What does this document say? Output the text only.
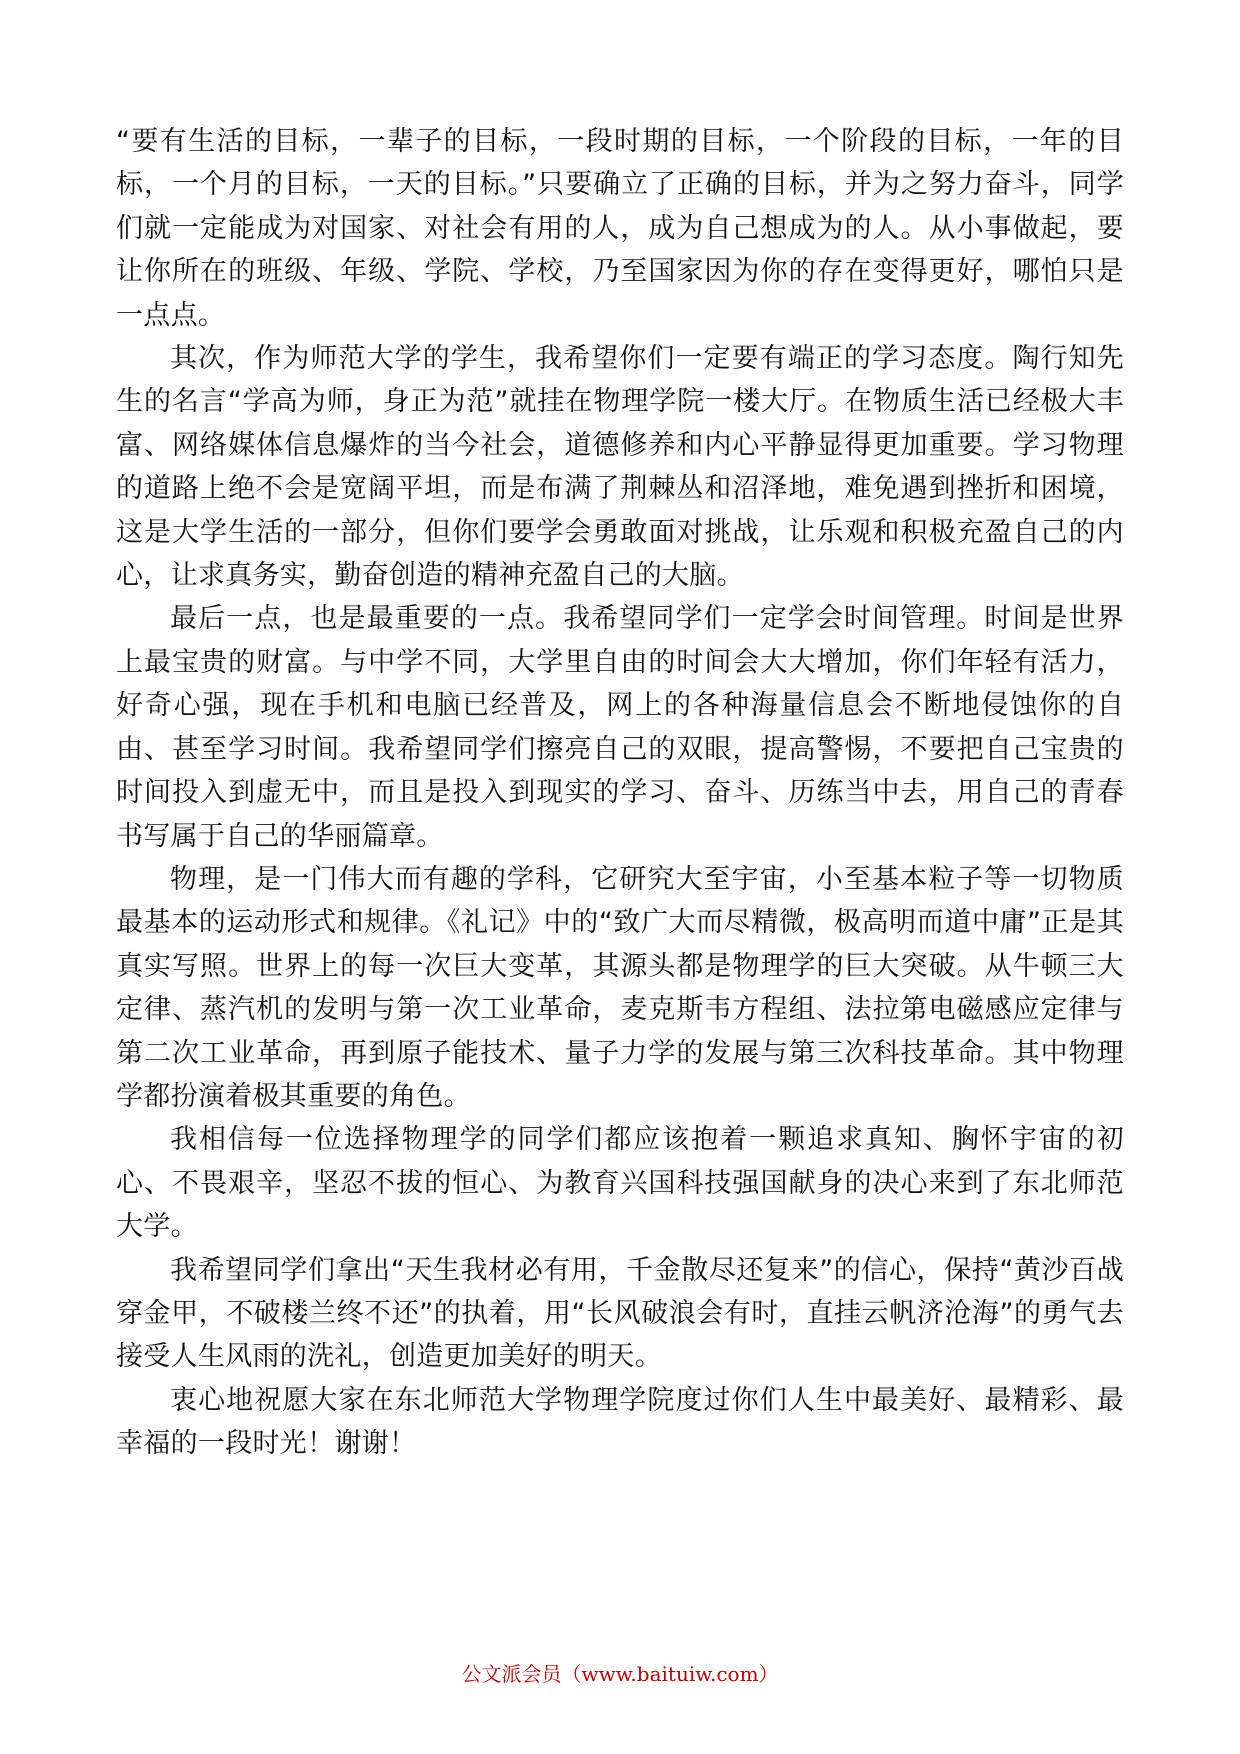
“要有生活的目标，一辈子的目标，一段时期的目标，一个阶段的目标，一年的目标，一个月的目标，一天的目标。”只要确立了正确的目标，并为之努力奋斗，同学们就一定能成为对国家、对社会有用的人，成为自己想成为的人。从小事做起，要让你所在的班级、年级、学院、学校，乃至国家因为你的存在变得更好，哪怕只是一点点。

其次，作为师范大学的学生，我希望你们一定要有端正的学习态度。陶行知先生的名言“学高为师，身正为范”就挂在物理学院一楼大厅。在物质生活已经极大丰富、网络媒体信息爆炸的当今社会，道德修养和内心平静显得更加重要。学习物理的道路上绝不会是宽阔平坦，而是布满了荆棘丛和沼泽地，难免遇到挫折和困境，这是大学生活的一部分，但你们要学会勇敢面对挑战，让乐观和积极充盈自己的内心，让求真务实，勤奋创造的精神充盈自己的大脑。

最后一点，也是最重要的一点。我希望同学们一定学会时间管理。时间是世界上最宝贵的财富。与中学不同，大学里自由的时间会大大增加，你们年轻有活力，好奇心强，现在手机和电脑已经普及，网上的各种海量信息会不断地侵蚀你的自由、甚至学习时间。我希望同学们擦亮自己的双眼，提高警惕，不要把自己宝贵的时间投入到虚无中，而且是投入到现实的学习、奋斗、历练当中去，用自己的青春书写属于自己的华丽篇章。

物理，是一门伟大而有趣的学科，它研究大至宇宙，小至基本粒子等一切物质最基本的运动形式和规律。《礼记》中的“致广大而尽精微，极高明而道中庸”正是其真实写照。世界上的每一次巨大变革，其源头都是物理学的巨大突破。从牛顿三大定律、蒸汽机的发明与第一次工业革命，麦克斯韦方程组、法拉第电磁感应定律与第二次工业革命，再到原子能技术、量子力学的发展与第三次科技革命。其中物理学都扮演着极其重要的角色。

我相信每一位选择物理学的同学们都应该抱着一颗追求真知、胸怀宇宙的初心、不畏艰辛，坚忍不拔的恒心、为教育兴国科技强国献身的决心来到了东北师范大学。

我希望同学们拿出“天生我材必有用，千金散尽还复来”的信心，保持“黄沙百战穿金甲，不破楼兰终不还”的执着，用“长风破浪会有时，直挂云帆济沧海”的勇气去接受人生风雨的洗礼，创造更加美好的明天。

衷心地祝愿大家在东北师范大学物理学院度过你们人生中最美好、最精彩、最幸福的一段时光！谢谢！

公文派会员（www.baituiw.com）
